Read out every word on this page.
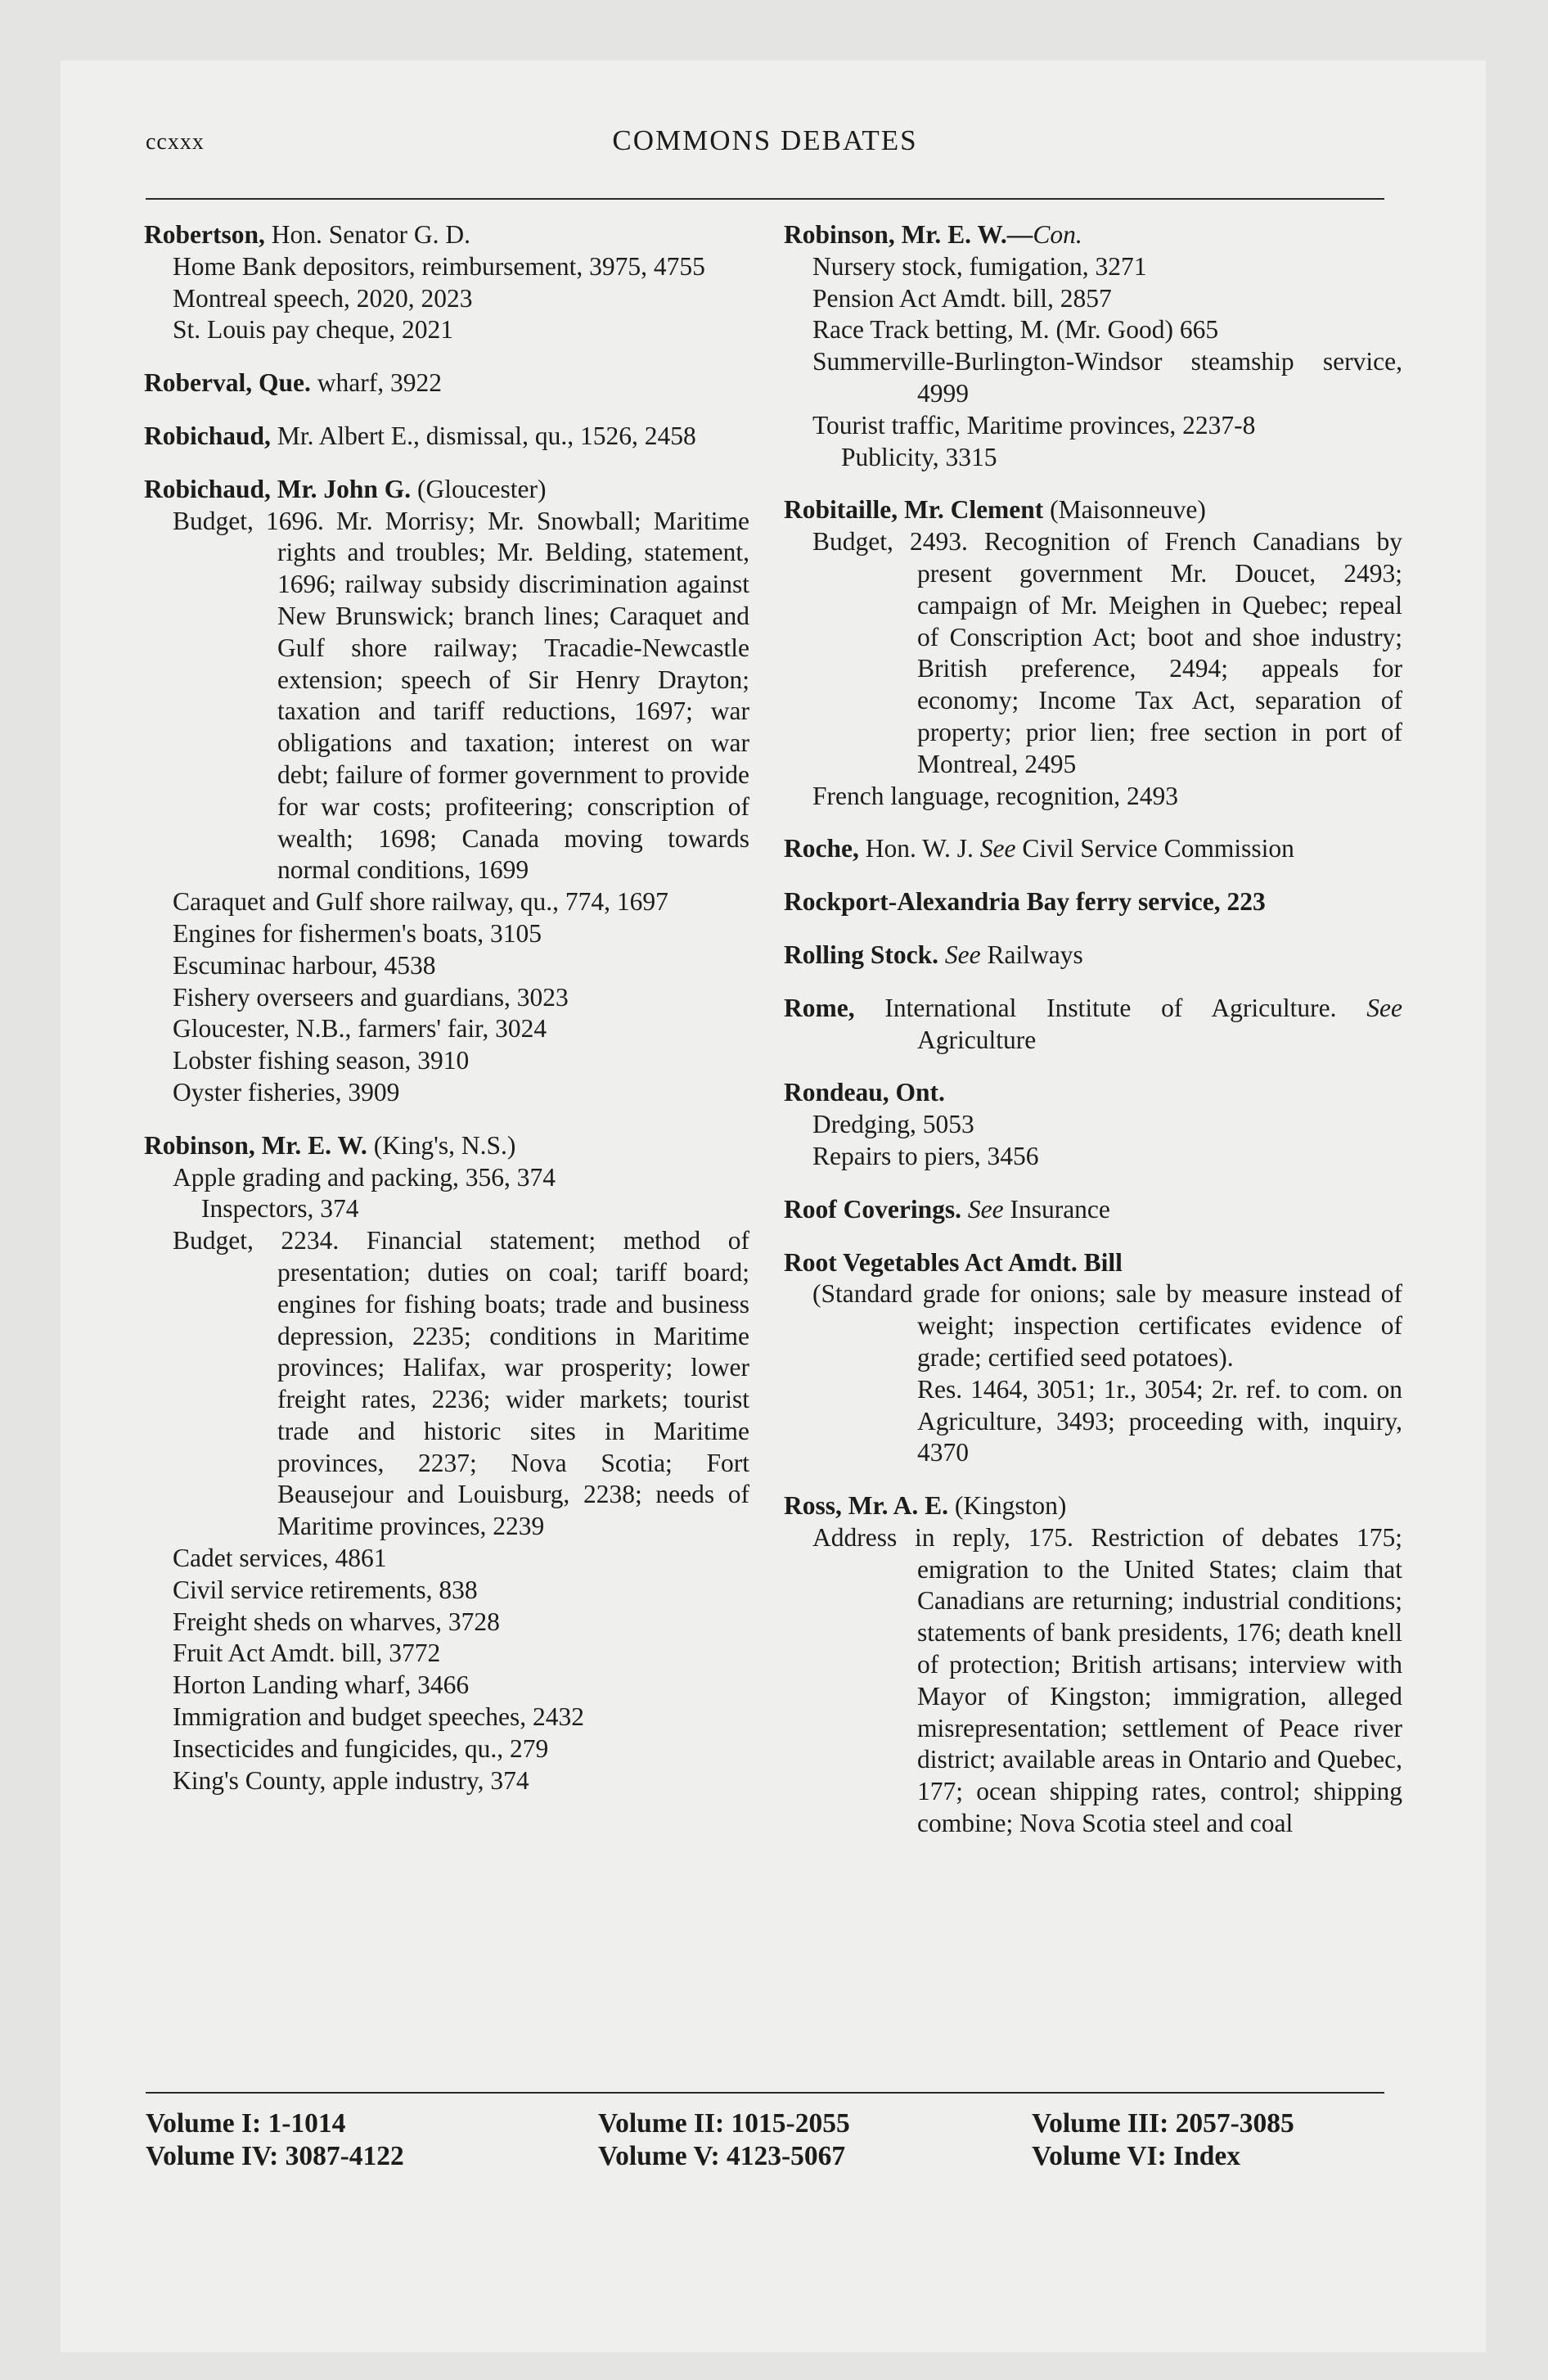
ccxxx	COMMONS DEBATES
Robertson, Hon. Senator G. D.
Home Bank depositors, reimbursement, 3975, 4755
Montreal speech, 2020, 2023
St. Louis pay cheque, 2021
Roberval, Que. wharf, 3922
Robichaud, Mr. Albert E., dismissal, qu., 1526, 2458
Robichaud, Mr. John G. (Gloucester)
Budget, 1696. Mr. Morrisy; Mr. Snowball; Maritime rights and troubles; Mr. Belding, statement, 1696; railway subsidy discrimination against New Brunswick; branch lines; Caraquet and Gulf shore railway; Tracadie-Newcastle extension; speech of Sir Henry Drayton; taxation and tariff reductions, 1697; war obligations and taxation; interest on war debt; failure of former government to provide for war costs; profiteering; conscription of wealth; 1698; Canada moving towards normal conditions, 1699
Caraquet and Gulf shore railway, qu., 774, 1697
Engines for fishermen's boats, 3105
Escuminac harbour, 4538
Fishery overseers and guardians, 3023
Gloucester, N.B., farmers' fair, 3024
Lobster fishing season, 3910
Oyster fisheries, 3909
Robinson, Mr. E. W. (King's, N.S.)
Apple grading and packing, 356, 374
Inspectors, 374
Budget, 2234. Financial statement; method of presentation; duties on coal; tariff board; engines for fishing boats; trade and business depression, 2235; conditions in Maritime provinces; Halifax, war prosperity; lower freight rates, 2236; wider markets; tourist trade and historic sites in Maritime provinces, 2237; Nova Scotia; Fort Beausejour and Louisburg, 2238; needs of Maritime provinces, 2239
Cadet services, 4861
Civil service retirements, 838
Freight sheds on wharves, 3728
Fruit Act Amdt. bill, 3772
Horton Landing wharf, 3466
Immigration and budget speeches, 2432
Insecticides and fungicides, qu., 279
King's County, apple industry, 374
Robinson, Mr. E. W.—Con.
Nursery stock, fumigation, 3271
Pension Act Amdt. bill, 2857
Race Track betting, M. (Mr. Good) 665
Summerville-Burlington-Windsor steamship service, 4999
Tourist traffic, Maritime provinces, 2237-8
Publicity, 3315
Robitaille, Mr. Clement (Maisonneuve)
Budget, 2493. Recognition of French Canadians by present government Mr. Doucet, 2493; campaign of Mr. Meighen in Quebec; repeal of Conscription Act; boot and shoe industry; British preference, 2494; appeals for economy; Income Tax Act, separation of property; prior lien; free section in port of Montreal, 2495
French language, recognition, 2493
Roche, Hon. W. J. See Civil Service Commission
Rockport-Alexandria Bay ferry service, 223
Rolling Stock. See Railways
Rome, International Institute of Agriculture. See Agriculture
Rondeau, Ont.
Dredging, 5053
Repairs to piers, 3456
Roof Coverings. See Insurance
Root Vegetables Act Amdt. Bill
(Standard grade for onions; sale by measure instead of weight; inspection certificates evidence of grade; certified seed potatoes).
Res. 1464, 3051; 1r., 3054; 2r. ref. to com. on Agriculture, 3493; proceeding with, inquiry, 4370
Ross, Mr. A. E. (Kingston)
Address in reply, 175. Restriction of debates 175; emigration to the United States; claim that Canadians are returning; industrial conditions; statements of bank presidents, 176; death knell of protection; British artisans; interview with Mayor of Kingston; immigration, alleged misrepresentation; settlement of Peace river district; available areas in Ontario and Quebec, 177; ocean shipping rates, control; shipping combine; Nova Scotia steel and coal
Volume I: 1-1014	Volume II: 1015-2055	Volume III: 2057-3085
Volume IV: 3087-4122	Volume V: 4123-5067	Volume VI: Index
